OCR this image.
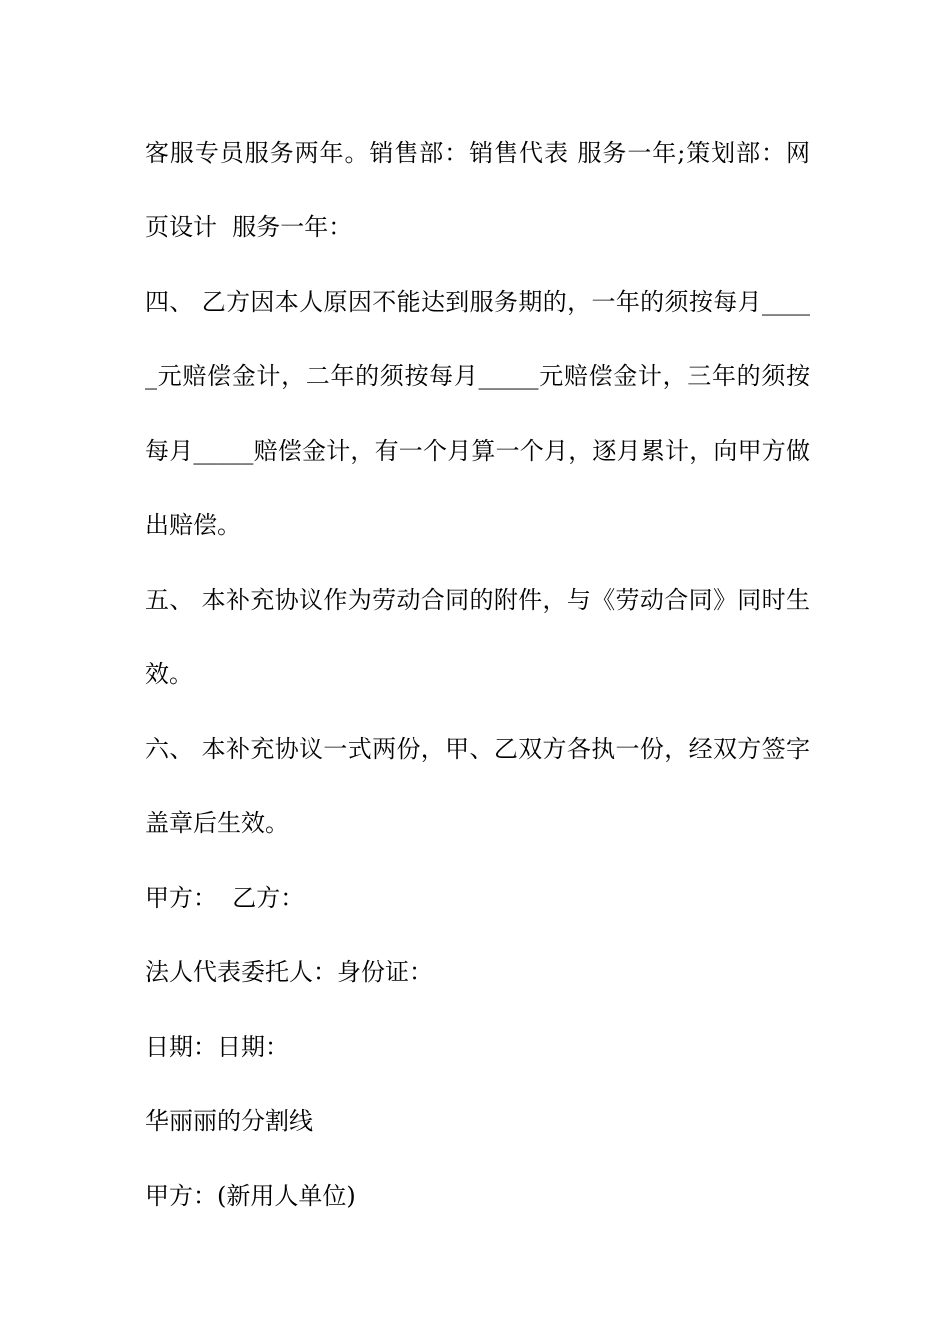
客服专员服务两年。销售部：销售代表 服务一年;策划部：网
页设计  服务一年：
四、 乙方因本人原因不能达到服务期的，一年的须按每月____
_元赔偿金计，二年的须按每月_____元赔偿金计，三年的须按
每月_____赔偿金计，有一个月算一个月，逐月累计，向甲方做
出赔偿。
五、 本补充协议作为劳动合同的附件，与《劳动合同》同时生
效。
六、 本补充协议一式两份，甲、乙双方各执一份，经双方签字
盖章后生效。
甲方：  乙方：
法人代表委托人：身份证：
日期：日期：
华丽丽的分割线
甲方：(新用人单位)
